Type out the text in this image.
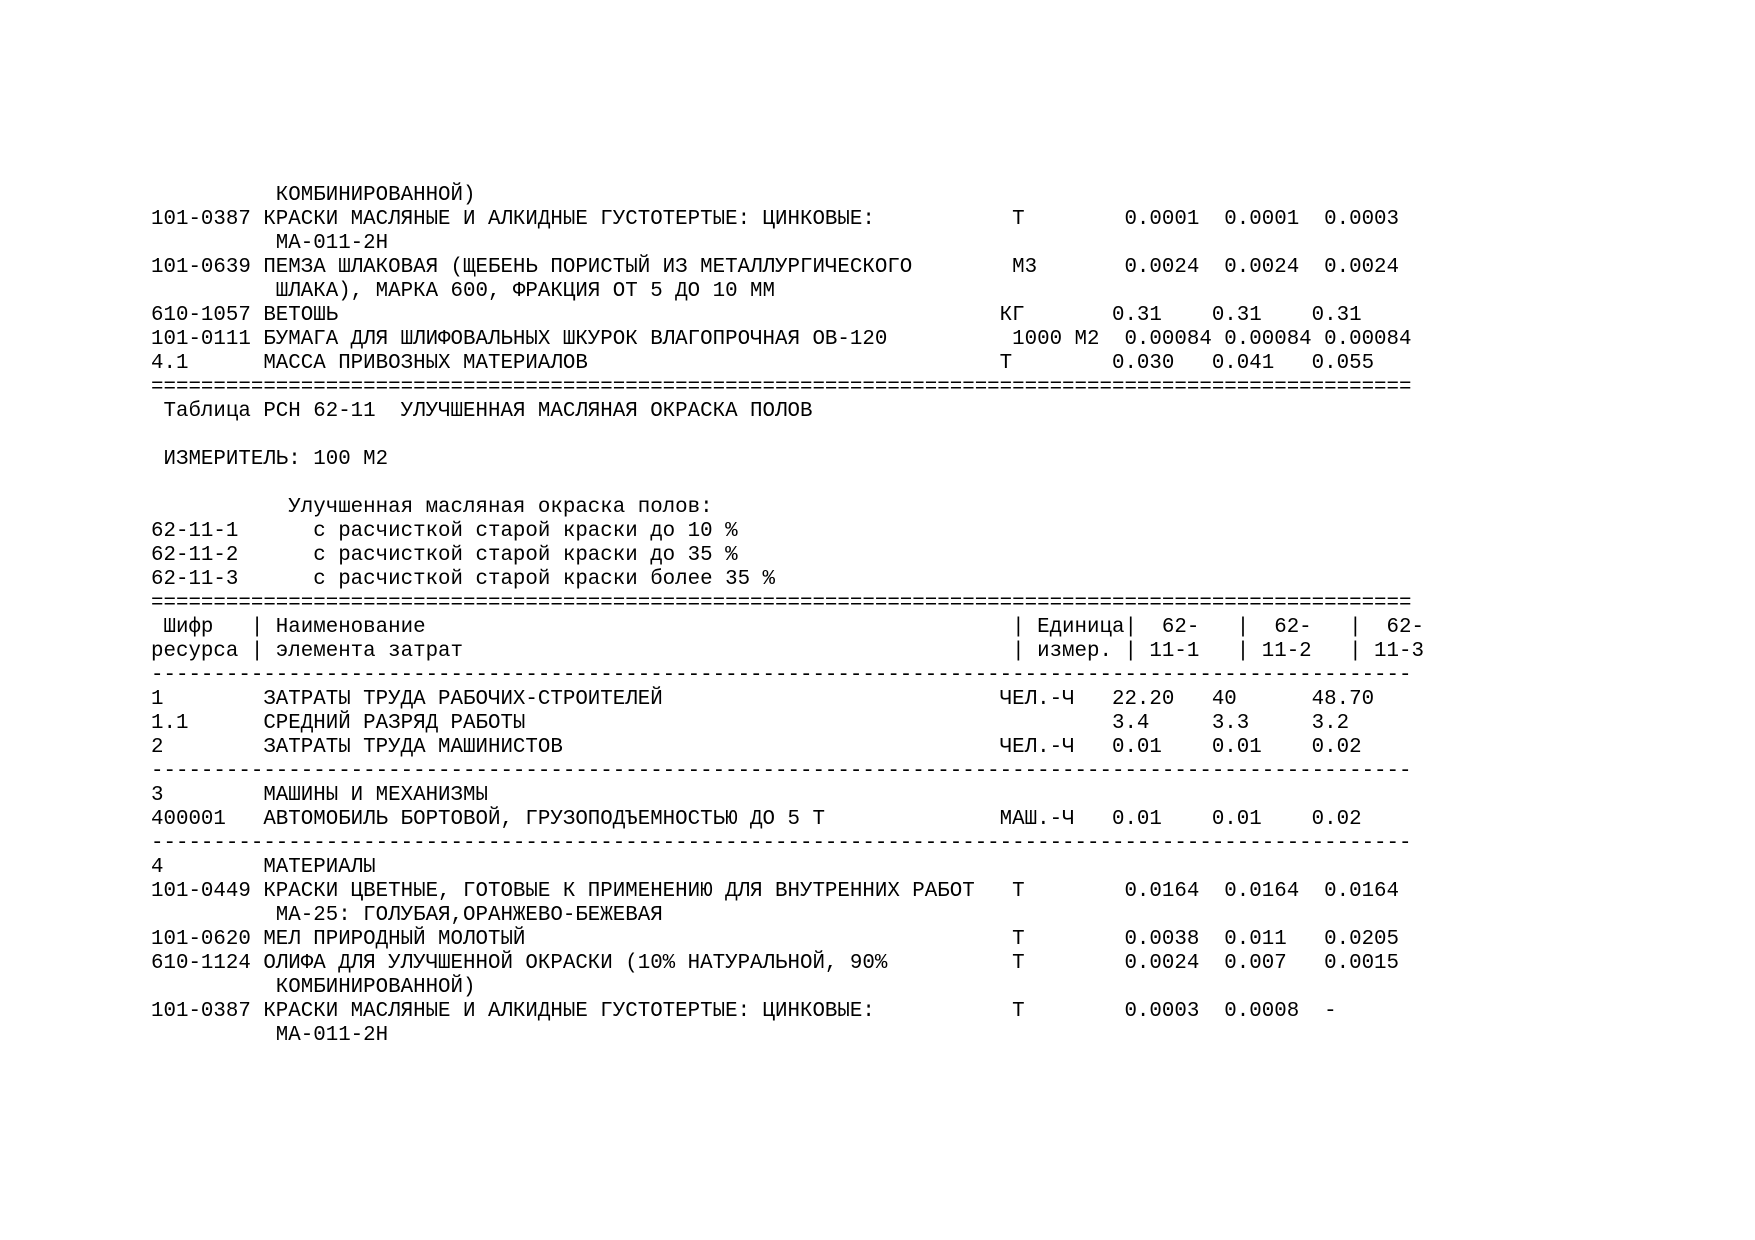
КОМБИНИРОВАННОЙ)
101-0387 КРАСКИ МАСЛЯНЫЕ И АЛКИДНЫЕ ГУСТОТЕРТЫЕ: ЦИНКОВЫЕ:           Т        0.0001  0.0001  0.0003
МА-011-2Н
101-0639 ПЕМЗА ШЛАКОВАЯ (ЩЕБЕНЬ ПОРИСТЫЙ ИЗ МЕТАЛЛУРГИЧЕСКОГО        М3       0.0024  0.0024  0.0024
ШЛАКА), МАРКА 600, ФРАКЦИЯ ОТ 5 ДО 10 ММ
610-1057 ВЕТОШЬ                                                     КГ       0.31    0.31    0.31
101-0111 БУМАГА ДЛЯ ШЛИФОВАЛЬНЫХ ШКУРОК ВЛАГОПРОЧНАЯ ОВ-120          1000 М2  0.00084 0.00084 0.00084
4.1      МАССА ПРИВОЗНЫХ МАТЕРИАЛОВ                                 Т        0.030   0.041   0.055
=====================================================================================================
Таблица РСН 62-11  УЛУЧШЕННАЯ МАСЛЯНАЯ ОКРАСКА ПОЛОВ
ИЗМЕРИТЕЛЬ: 100 М2
Улучшенная масляная окраска полов:
62-11-1      с расчисткой старой краски до 10 %
62-11-2      с расчисткой старой краски до 35 %
62-11-3      с расчисткой старой краски более 35 %
=====================================================================================================
Шифр   | Наименование                                               | Единица|  62-   |  62-   |  62-
ресурса | элемента затрат                                            | измер. | 11-1   | 11-2   | 11-3
-----------------------------------------------------------------------------------------------------
1        ЗАТРАТЫ ТРУДА РАБОЧИХ-СТРОИТЕЛЕЙ                           ЧЕЛ.-Ч   22.20   40      48.70
1.1      СРЕДНИЙ РАЗРЯД РАБОТЫ                                               3.4     3.3     3.2
2        ЗАТРАТЫ ТРУДА МАШИНИСТОВ                                   ЧЕЛ.-Ч   0.01    0.01    0.02
-----------------------------------------------------------------------------------------------------
3        МАШИНЫ И МЕХАНИЗМЫ
400001   АВТОМОБИЛЬ БОРТОВОЙ, ГРУЗОПОДЪЕМНОСТЬЮ ДО 5 Т              МАШ.-Ч   0.01    0.01    0.02
-----------------------------------------------------------------------------------------------------
4        МАТЕРИАЛЫ
101-0449 КРАСКИ ЦВЕТНЫЕ, ГОТОВЫЕ К ПРИМЕНЕНИЮ ДЛЯ ВНУТРЕННИХ РАБОТ   Т        0.0164  0.0164  0.0164
МА-25: ГОЛУБАЯ,ОРАНЖЕВО-БЕЖЕВАЯ
101-0620 МЕЛ ПРИРОДНЫЙ МОЛОТЫЙ                                       Т        0.0038  0.011   0.0205
610-1124 ОЛИФА ДЛЯ УЛУЧШЕННОЙ ОКРАСКИ (10% НАТУРАЛЬНОЙ, 90%          Т        0.0024  0.007   0.0015
КОМБИНИРОВАННОЙ)
101-0387 КРАСКИ МАСЛЯНЫЕ И АЛКИДНЫЕ ГУСТОТЕРТЫЕ: ЦИНКОВЫЕ:           Т        0.0003  0.0008  -
МА-011-2Н
